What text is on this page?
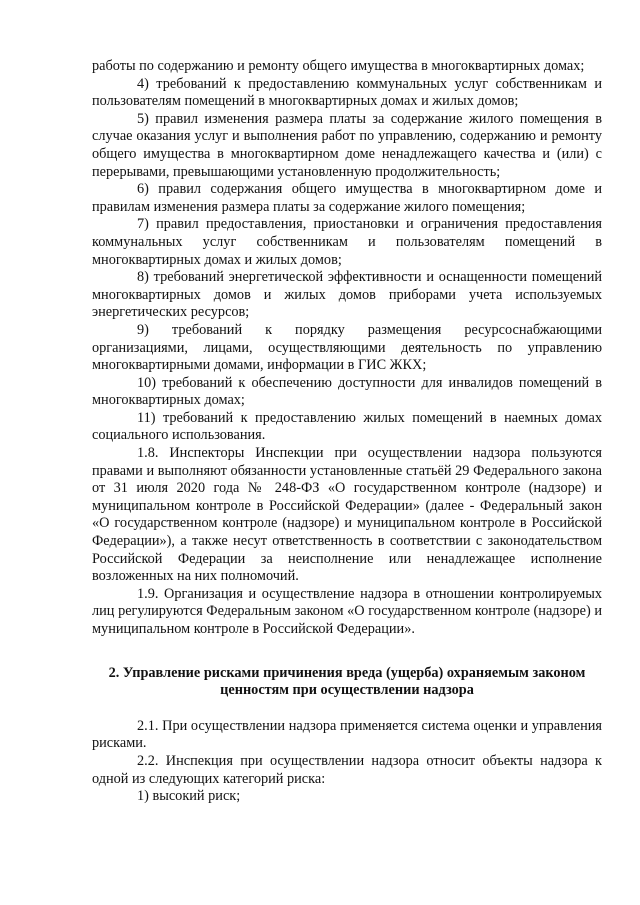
работы по содержанию и ремонту общего имущества в многоквартирных домах;

4) требований к предоставлению коммунальных услуг собственникам и пользователям помещений в многоквартирных домах и жилых домов;

5) правил изменения размера платы за содержание жилого помещения в случае оказания услуг и выполнения работ по управлению, содержанию и ремонту общего имущества в многоквартирном доме ненадлежащего качества и (или) с перерывами, превышающими установленную продолжительность;

6) правил содержания общего имущества в многоквартирном доме и правилам изменения размера платы за содержание жилого помещения;

7) правил предоставления, приостановки и ограничения предоставления коммунальных услуг собственникам и пользователям помещений в многоквартирных домах и жилых домов;

8) требований энергетической эффективности и оснащенности помещений многоквартирных домов и жилых домов приборами учета используемых энергетических ресурсов;

9) требований к порядку размещения ресурсоснабжающими организациями, лицами, осуществляющими деятельность по управлению многоквартирными домами, информации в ГИС ЖКХ;

10) требований к обеспечению доступности для инвалидов помещений в многоквартирных домах;

11) требований к предоставлению жилых помещений в наемных домах социального использования.

1.8. Инспекторы Инспекции при осуществлении надзора пользуются правами и выполняют обязанности установленные статьёй 29 Федерального закона от 31 июля 2020 года № 248-ФЗ «О государственном контроле (надзоре) и муниципальном контроле в Российской Федерации» (далее - Федеральный закон «О государственном контроле (надзоре) и муниципальном контроле в Российской Федерации»), а также несут ответственность в соответствии с законодательством Российской Федерации за неисполнение или ненадлежащее исполнение возложенных на них полномочий.

1.9. Организация и осуществление надзора в отношении контролируемых лиц регулируются Федеральным законом «О государственном контроле (надзоре) и муниципальном контроле в Российской Федерации».

2. Управление рисками причинения вреда (ущерба) охраняемым законом ценностям при осуществлении надзора

2.1. При осуществлении надзора применяется система оценки и управления рисками.

2.2. Инспекция при осуществлении надзора относит объекты надзора к одной из следующих категорий риска:

1) высокий риск;
